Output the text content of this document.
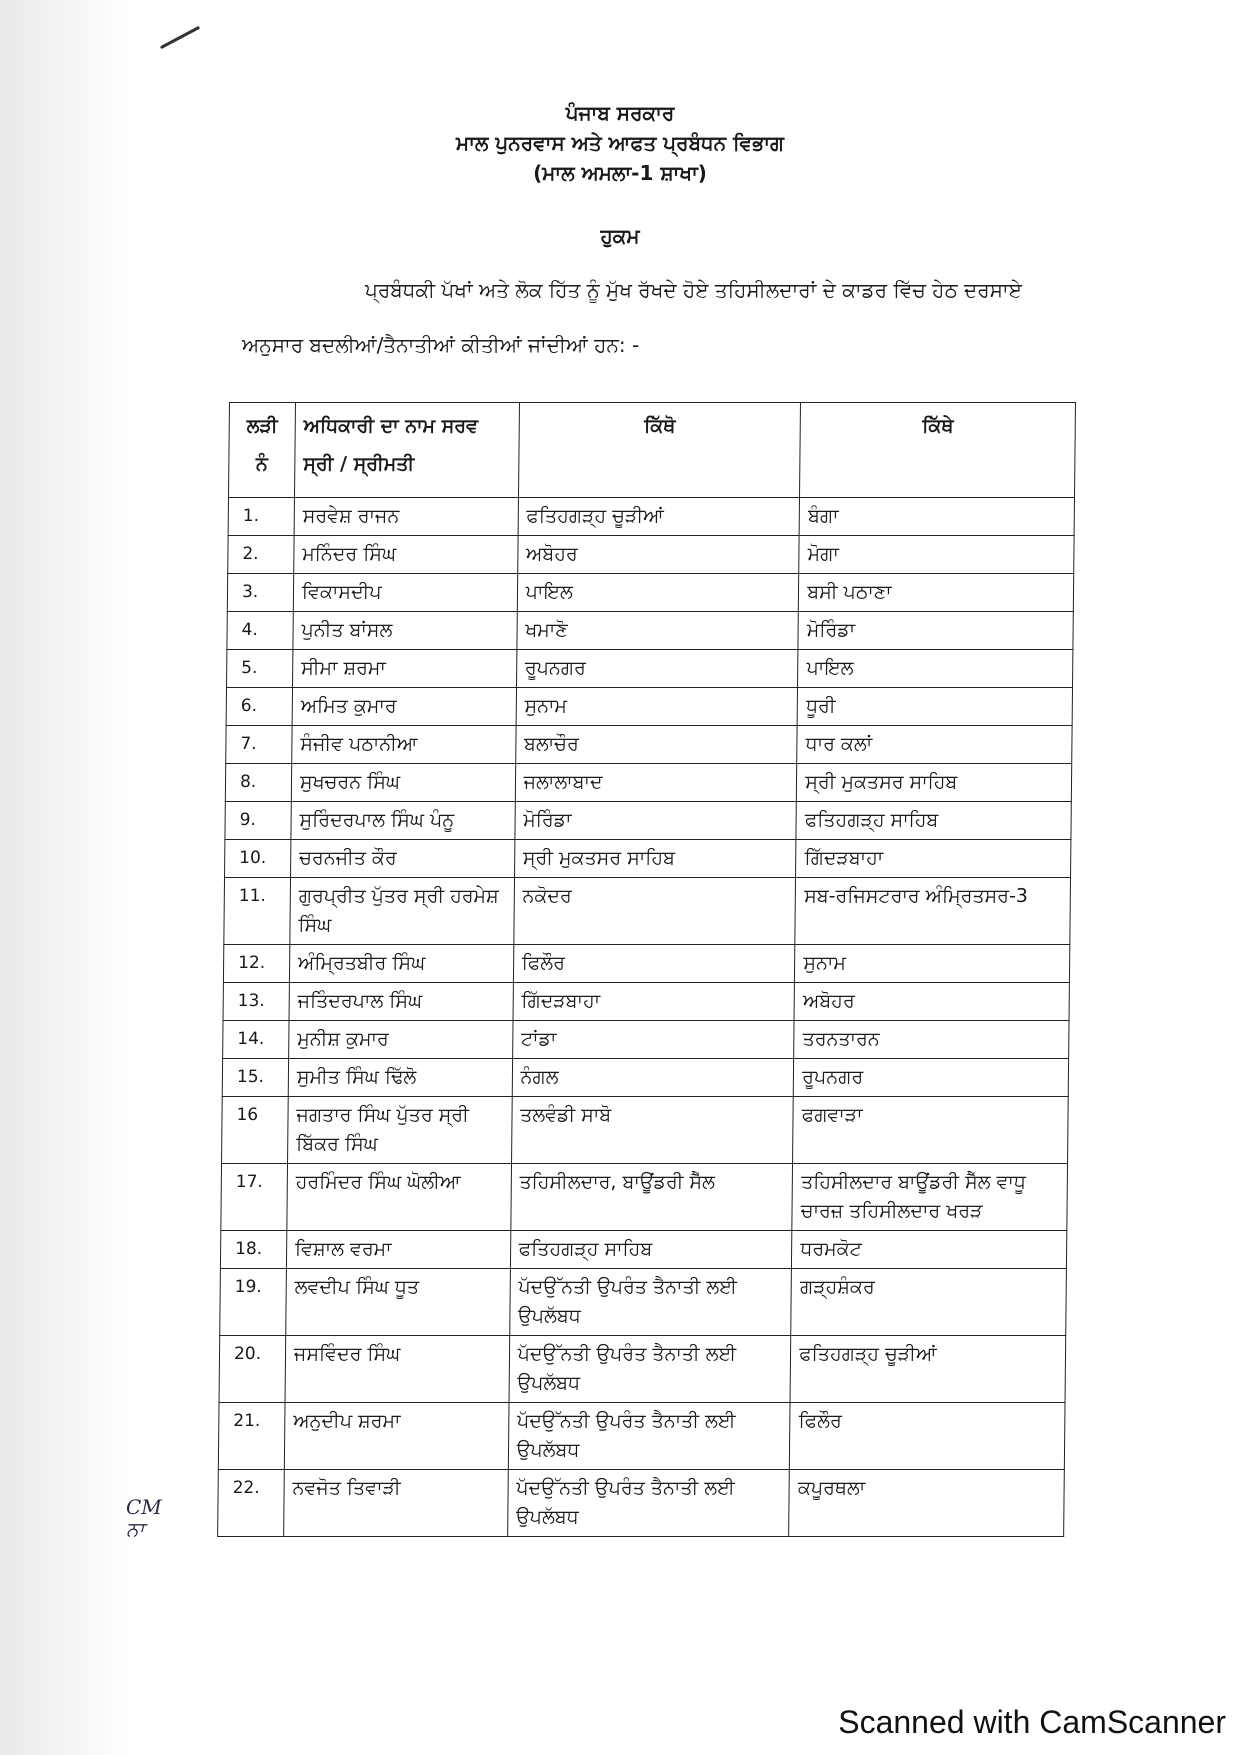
ਪੰਜਾਬ ਸਰਕਾਰ
ਮਾਲ ਪੁਨਰਵਾਸ ਅਤੇ ਆਫਤ ਪ੍ਰਬੰਧਨ ਵਿਭਾਗ
(ਮਾਲ ਅਮਲਾ-1 ਸ਼ਾਖਾ)
ਹੁਕਮ
ਪ੍ਰਬੰਧਕੀ ਪੱਖਾਂ ਅਤੇ ਲੋਕ ਹਿੱਤ ਨੂੰ ਮੁੱਖ ਰੱਖਦੇ ਹੋਏ ਤਹਿਸੀਲਦਾਰਾਂ ਦੇ ਕਾਡਰ ਵਿੱਚ ਹੇਠ ਦਰਸਾਏ
ਅਨੁਸਾਰ ਬਦਲੀਆਂ/ਤੈਨਾਤੀਆਂ ਕੀਤੀਆਂ ਜਾਂਦੀਆਂ ਹਨ: -
ਲੜੀ ਨੰ	ਅਧਿਕਾਰੀ ਦਾ ਨਾਮ ਸਰਵ ਸ੍ਰੀ / ਸ੍ਰੀਮਤੀ	ਕਿੱਥੋ	ਕਿੱਥੇ
1.	ਸਰਵੇਸ਼ ਰਾਜਨ	ਫਤਿਹਗੜ੍ਹ ਚੂੜੀਆਂ	ਬੰਗਾ
2.	ਮਨਿੰਦਰ ਸਿੰਘ	ਅਬੋਹਰ	ਮੋਗਾ
3.	ਵਿਕਾਸਦੀਪ	ਪਾਇਲ	ਬਸੀ ਪਠਾਣਾ
4.	ਪੁਨੀਤ ਬਾਂਸਲ	ਖਮਾਣੋ	ਮੋਰਿੰਡਾ
5.	ਸੀਮਾ ਸ਼ਰਮਾ	ਰੂਪਨਗਰ	ਪਾਇਲ
6.	ਅਮਿਤ ਕੁਮਾਰ	ਸੁਨਾਮ	ਧੂਰੀ
7.	ਸੰਜੀਵ ਪਠਾਨੀਆ	ਬਲਾਚੌਰ	ਧਾਰ ਕਲਾਂ
8.	ਸੁਖਚਰਨ ਸਿੰਘ	ਜਲਾਲਾਬਾਦ	ਸ੍ਰੀ ਮੁਕਤਸਰ ਸਾਹਿਬ
9.	ਸੁਰਿੰਦਰਪਾਲ ਸਿੰਘ ਪੰਨੂ	ਮੋਰਿੰਡਾ	ਫਤਿਹਗੜ੍ਹ ਸਾਹਿਬ
10.	ਚਰਨਜੀਤ ਕੌਰ	ਸ੍ਰੀ ਮੁਕਤਸਰ ਸਾਹਿਬ	ਗਿੱਦੜਬਾਹਾ
11.	ਗੁਰਪ੍ਰੀਤ ਪੁੱਤਰ ਸ੍ਰੀ ਹਰਮੇਸ਼ ਸਿੰਘ	ਨਕੋਦਰ	ਸਬ-ਰਜਿਸਟਰਾਰ ਅੰਮ੍ਰਿਤਸਰ-3
12.	ਅੰਮ੍ਰਿਤਬੀਰ ਸਿੰਘ	ਫਿਲੌਰ	ਸੁਨਾਮ
13.	ਜਤਿੰਦਰਪਾਲ ਸਿੰਘ	ਗਿੱਦੜਬਾਹਾ	ਅਬੋਹਰ
14.	ਮੁਨੀਸ਼ ਕੁਮਾਰ	ਟਾਂਡਾ	ਤਰਨਤਾਰਨ
15.	ਸੁਮੀਤ ਸਿੰਘ ਢਿੱਲੋ	ਨੰਗਲ	ਰੂਪਨਗਰ
16	ਜਗਤਾਰ ਸਿੰਘ ਪੁੱਤਰ ਸ੍ਰੀ ਬਿੱਕਰ ਸਿੰਘ	ਤਲਵੰਡੀ ਸਾਬੋ	ਫਗਵਾੜਾ
17.	ਹਰਮਿੰਦਰ ਸਿੰਘ ਘੋਲੀਆ	ਤਹਿਸੀਲਦਾਰ, ਬਾਊਂਡਰੀ ਸੈੱਲ	ਤਹਿਸੀਲਦਾਰ ਬਾਊਂਡਰੀ ਸੈੱਲ ਵਾਧੂ ਚਾਰਜ਼ ਤਹਿਸੀਲਦਾਰ ਖਰੜ
18.	ਵਿਸ਼ਾਲ ਵਰਮਾ	ਫਤਿਹਗੜ੍ਹ ਸਾਹਿਬ	ਧਰਮਕੋਟ
19.	ਲਵਦੀਪ ਸਿੰਘ ਧੂਤ	ਪੱਦਉੱਨਤੀ ਉਪਰੰਤ ਤੈਨਾਤੀ ਲਈ ਉਪਲੱਬਧ	ਗੜ੍ਹਸ਼ੰਕਰ
20.	ਜਸਵਿੰਦਰ ਸਿੰਘ	ਪੱਦਉੱਨਤੀ ਉਪਰੰਤ ਤੈਨਾਤੀ ਲਈ ਉਪਲੱਬਧ	ਫਤਿਹਗੜ੍ਹ ਚੂੜੀਆਂ
21.	ਅਨੁਦੀਪ ਸ਼ਰਮਾ	ਪੱਦਉੱਨਤੀ ਉਪਰੰਤ ਤੈਨਾਤੀ ਲਈ ਉਪਲੱਬਧ	ਫਿਲੌਰ
22.	ਨਵਜੋਤ ਤਿਵਾੜੀ	ਪੱਦਉੱਨਤੀ ਉਪਰੰਤ ਤੈਨਾਤੀ ਲਈ ਉਪਲੱਬਧ	ਕਪੂਰਥਲਾ
CM
ਨਾ
Scanned with CamScanner
